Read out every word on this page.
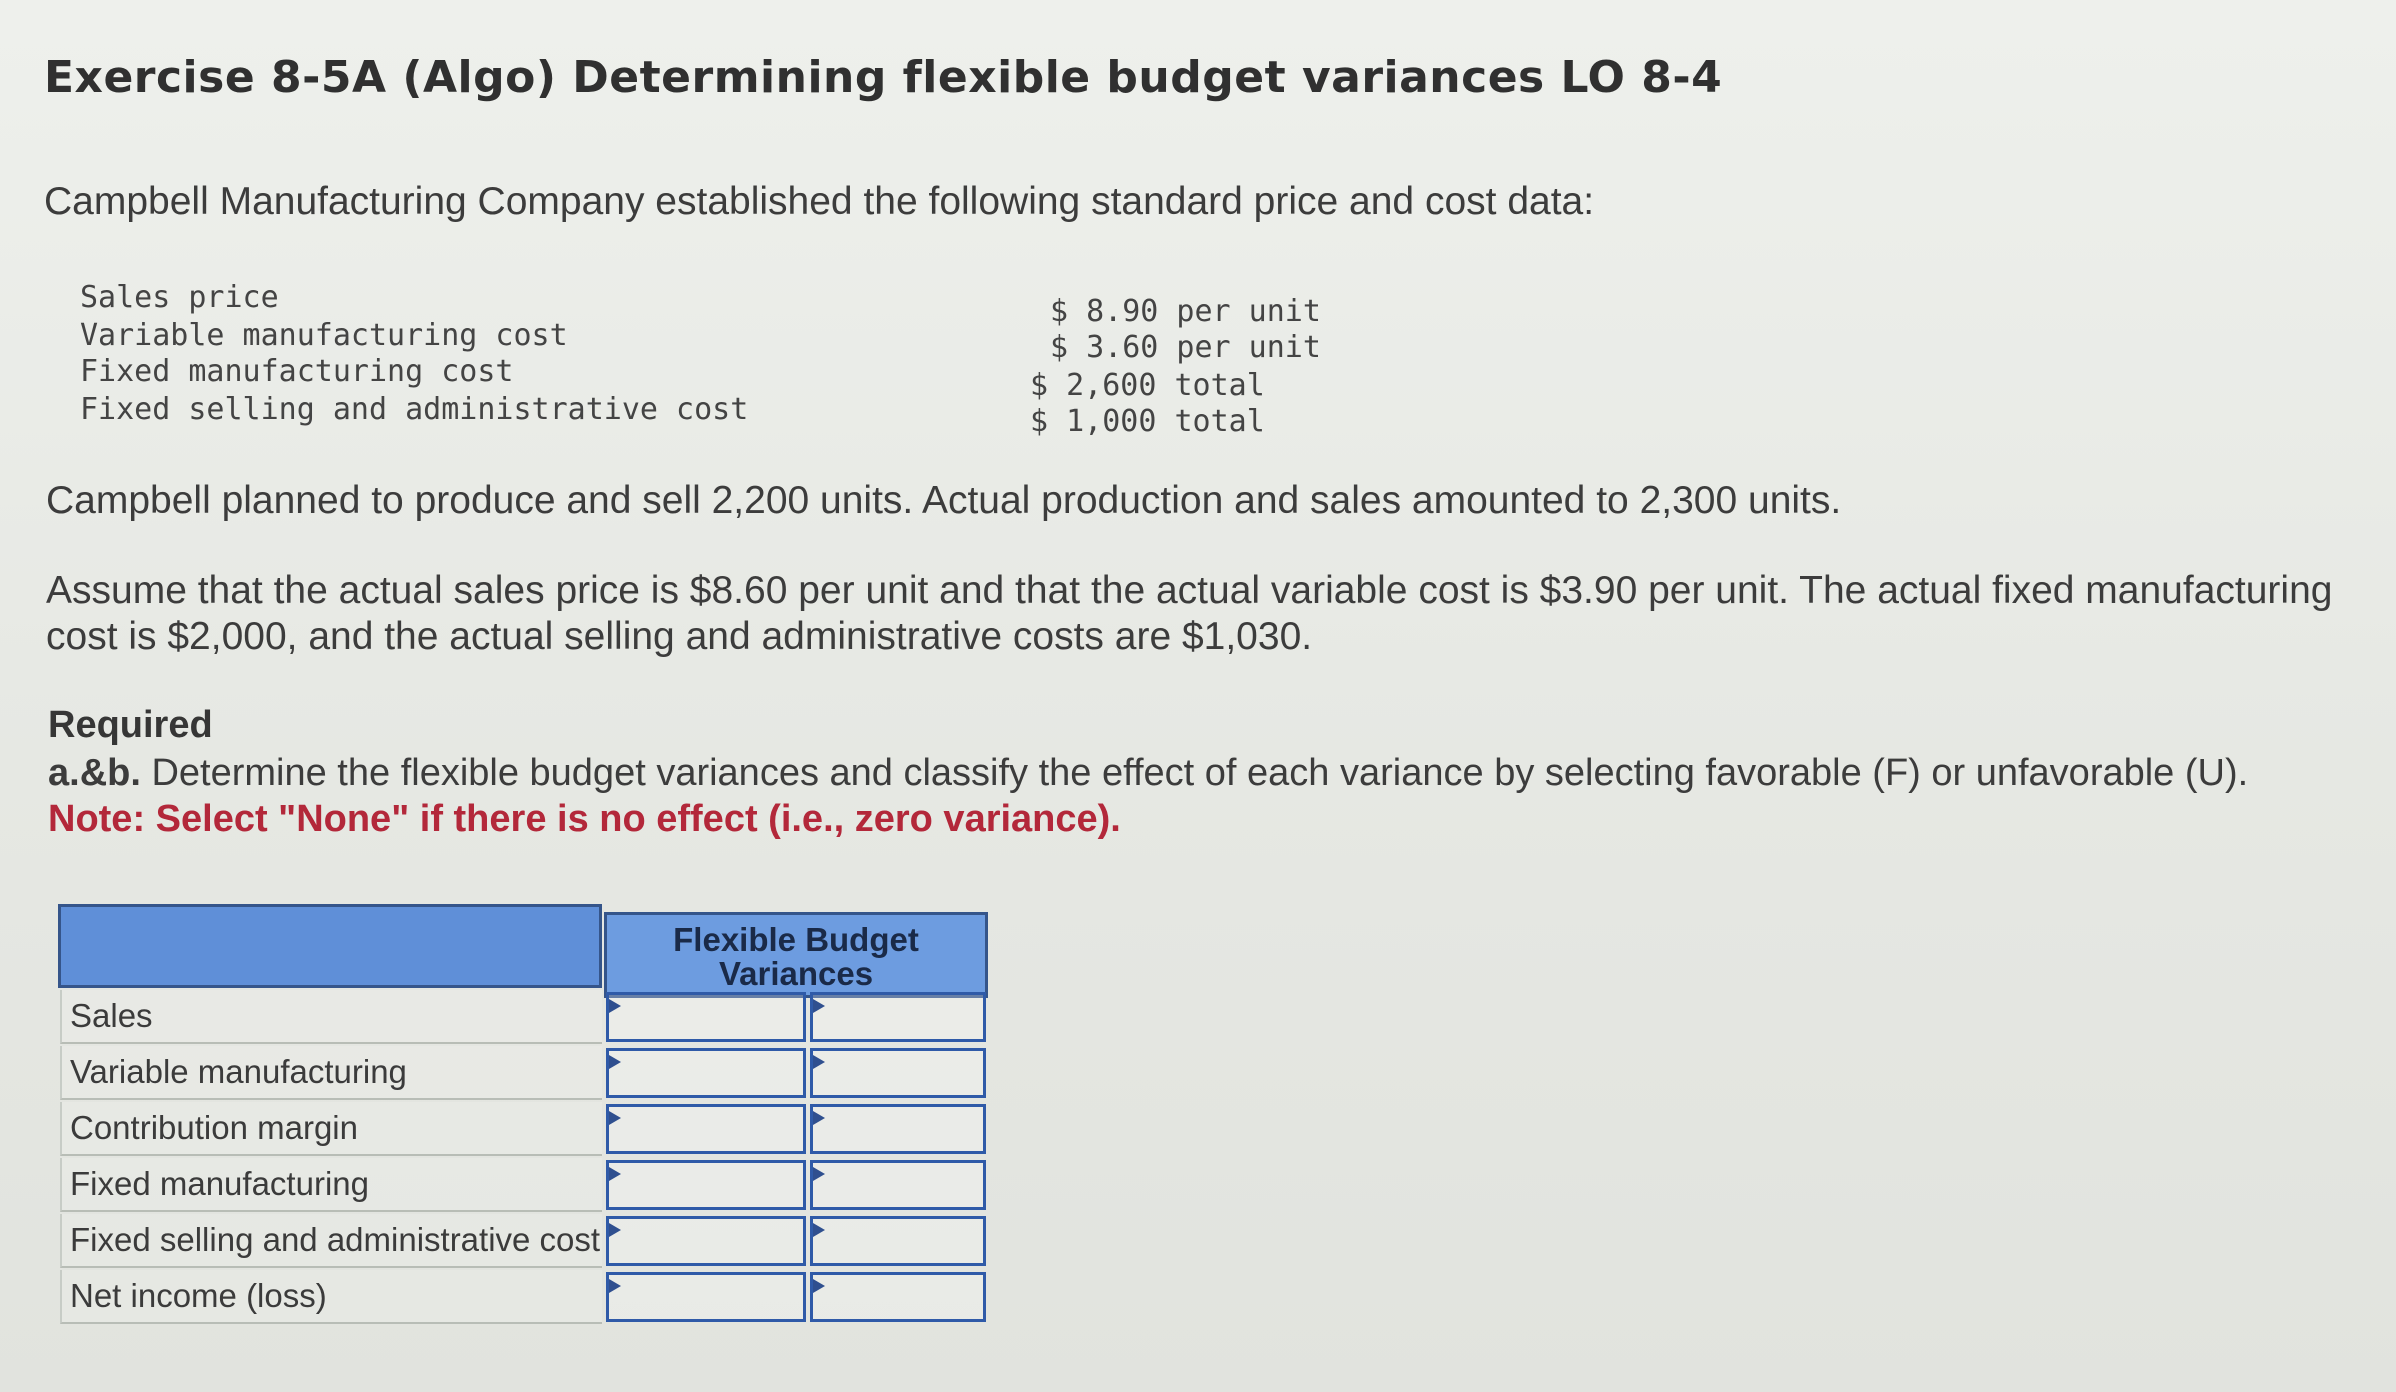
Exercise 8-5A (Algo) Determining flexible budget variances LO 8-4
Campbell Manufacturing Company established the following standard price and cost data:
Sales price
Variable manufacturing cost
Fixed manufacturing cost
Fixed selling and administrative cost
$ 8.90 per unit
$ 3.60 per unit
$ 2,600 total
$ 1,000 total
Campbell planned to produce and sell 2,200 units. Actual production and sales amounted to 2,300 units.
Assume that the actual sales price is $8.60 per unit and that the actual variable cost is $3.90 per unit. The actual fixed manufacturing
cost is $2,000, and the actual selling and administrative costs are $1,030.
Required
a.&b. Determine the flexible budget variances and classify the effect of each variance by selecting favorable (F) or unfavorable (U).
Note: Select "None" if there is no effect (i.e., zero variance).
Flexible Budget
Variances
Sales
Variable manufacturing
Contribution margin
Fixed manufacturing
Fixed selling and administrative cost
Net income (loss)
